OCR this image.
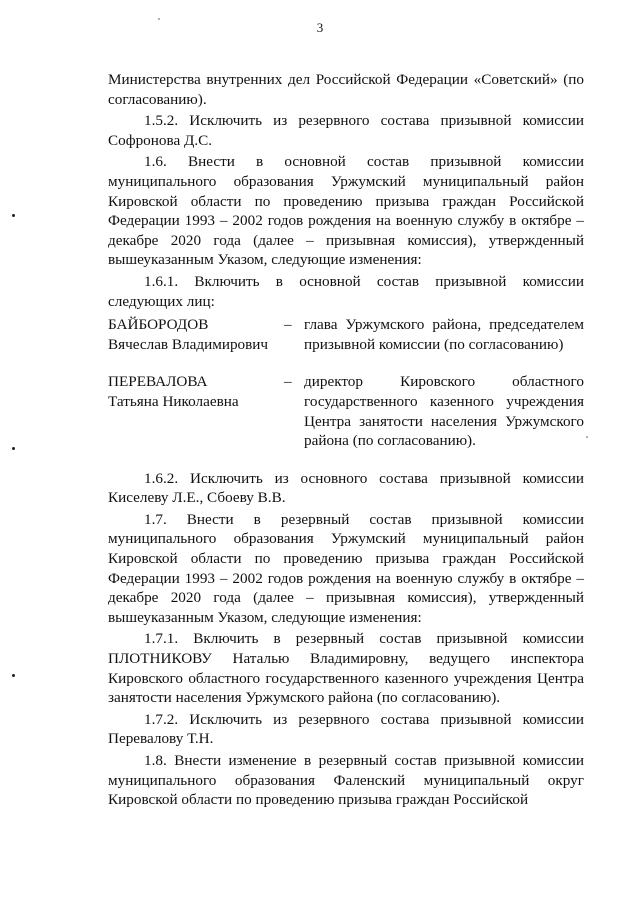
3

Министерства внутренних дел Российской Федерации «Советский» (по согласованию).

1.5.2. Исключить из резервного состава призывной комиссии Софронова Д.С.

1.6. Внести в основной состав призывной комиссии муниципального образования Уржумский муниципальный район Кировской области по проведению призыва граждан Российской Федерации 1993 – 2002 годов рождения на военную службу в октябре – декабре 2020 года (далее – призывная комиссия), утвержденный вышеуказанным Указом, следующие изменения:

1.6.1. Включить в основной состав призывной комиссии следующих лиц:

БАЙБОРОДОВ
Вячеслав Владимирович
– глава Уржумского района, председателем призывной комиссии (по согласованию)
ПЕРЕВАЛОВА
Татьяна Николаевна
– директор Кировского областного государственного казенного учреждения Центра занятости населения Уржумского района (по согласованию).

1.6.2. Исключить из основного состава призывной комиссии Киселеву Л.Е., Сбоеву В.В.

1.7. Внести в резервный состав призывной комиссии муниципального образования Уржумский муниципальный район Кировской области по проведению призыва граждан Российской Федерации 1993 – 2002 годов рождения на военную службу в октябре – декабре 2020 года (далее – призывная комиссия), утвержденный вышеуказанным Указом, следующие изменения:

1.7.1. Включить в резервный состав призывной комиссии ПЛОТНИКОВУ Наталью Владимировну, ведущего инспектора Кировского областного государственного казенного учреждения Центра занятости населения Уржумского района (по согласованию).

1.7.2. Исключить из резервного состава призывной комиссии Перевалову Т.Н.

1.8. Внести изменение в резервный состав призывной комиссии муниципального образования Фаленский муниципальный округ Кировской области по проведению призыва граждан Российской
